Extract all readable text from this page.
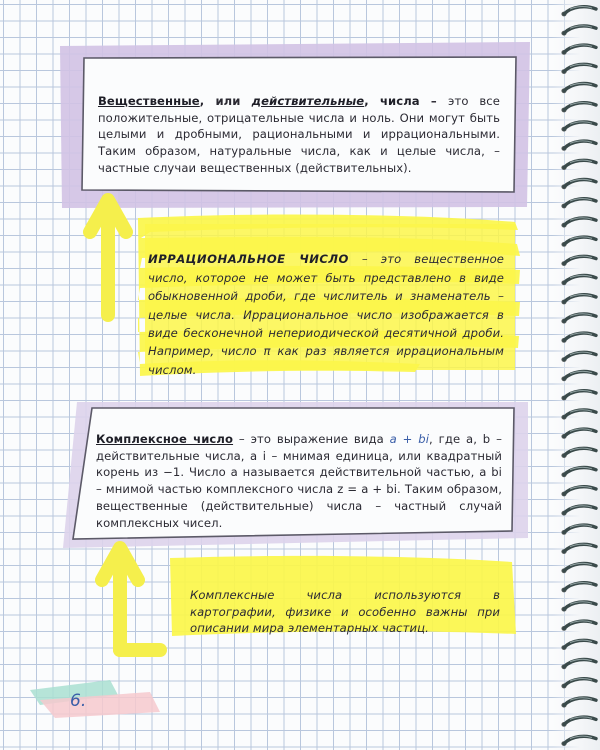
Вещественные, или действительные, числа – это все положительные, отрицательные числа и ноль. Они могут быть целыми и дробными, рациональными и иррациональными. Таким образом, натуральные числа, как и целые числа, – частные случаи вещественных (действительных).

ИРРАЦИОНАЛЬНОЕ ЧИСЛО – это вещественное число, которое не может быть представлено в виде обыкновенной дроби, где числитель и знаменатель – целые числа. Иррациональное число изображается в виде бесконечной непериодической десятичной дроби. Например, число π как раз является иррациональным числом.

Комплексное число – это выражение вида a + bi, где a, b – действительные числа, а i – мнимая единица, или квадратный корень из −1. Число a называется действительной частью, а bi – мнимой частью комплексного числа z = a + bi. Таким образом, вещественные (действительные) числа – частный случай комплексных чисел.

Комплексные числа используются в картографии, физике и особенно важны при описании мира элементарных частиц.

6.
